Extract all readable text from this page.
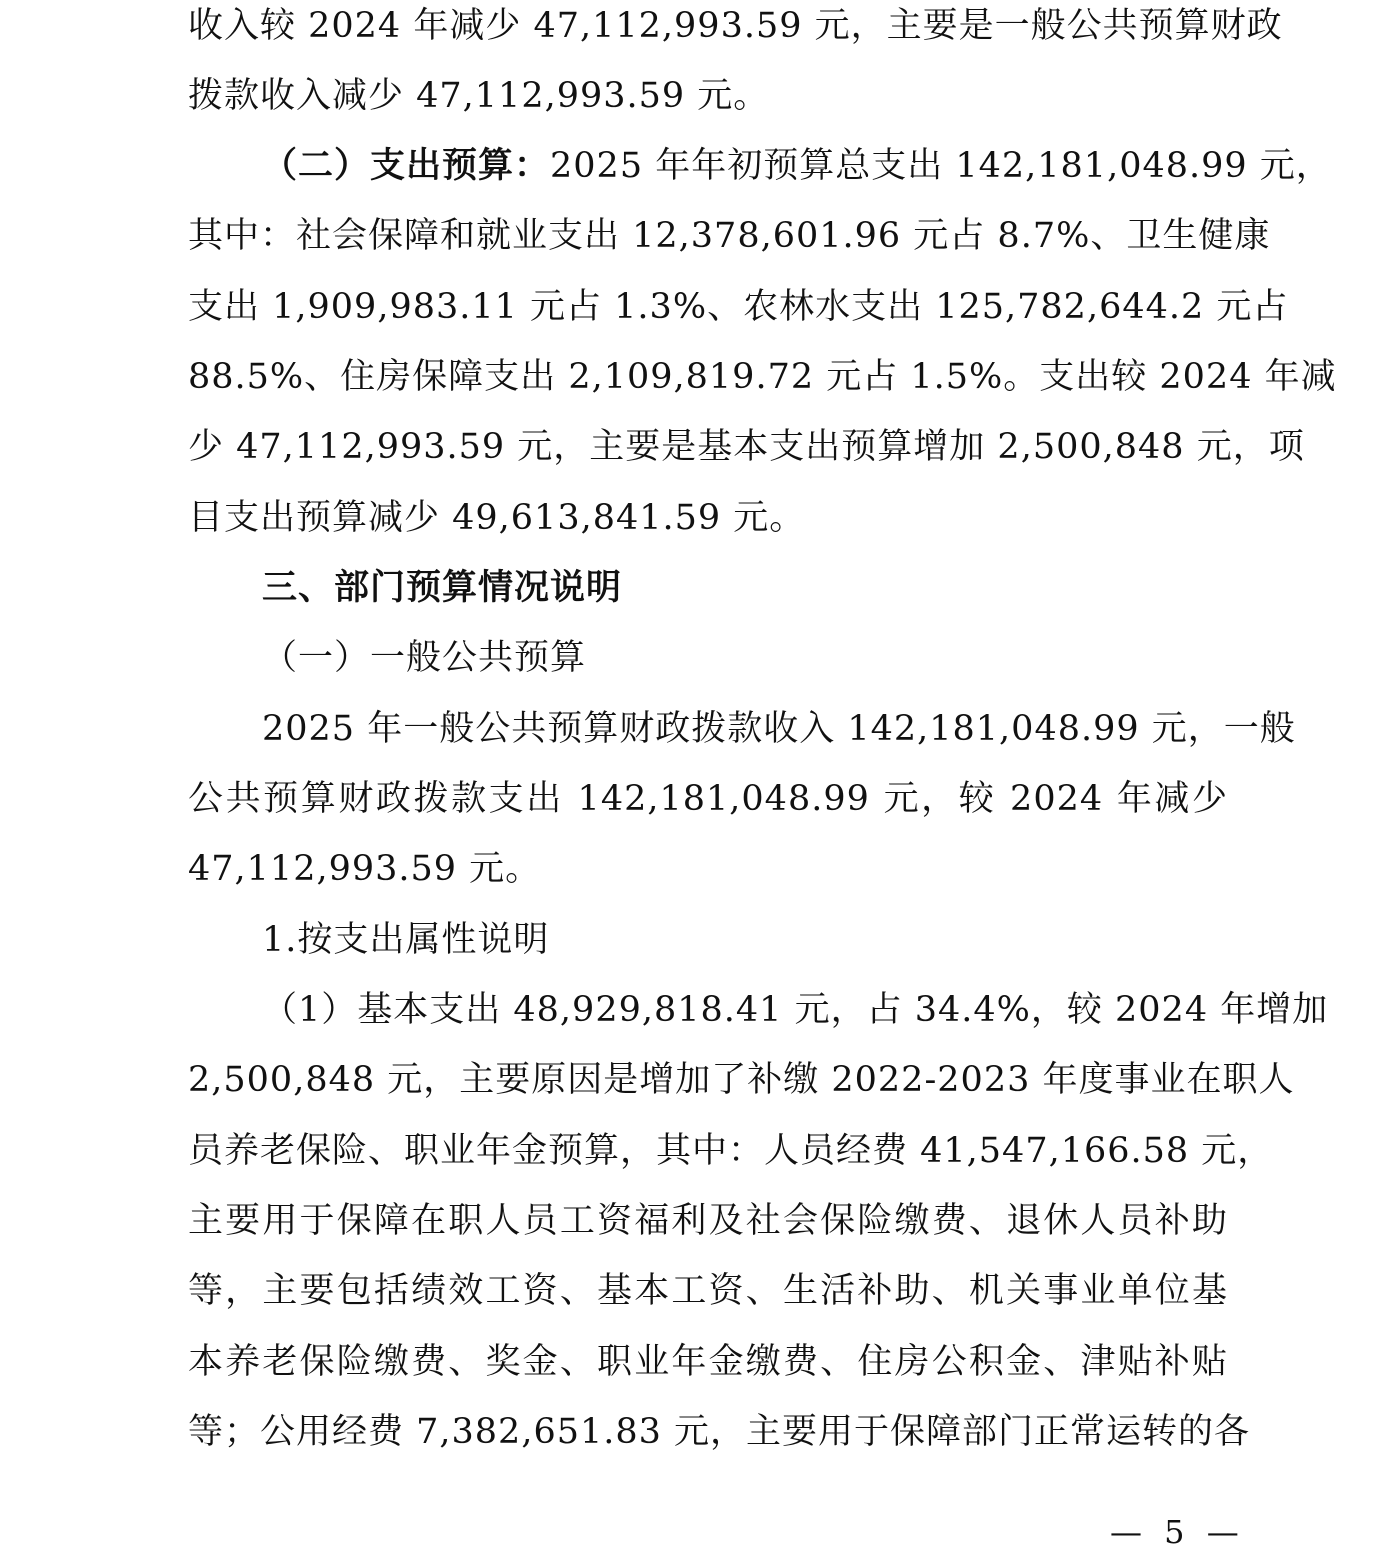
收入较 2024 年减少 47,112,993.59 元，主要是一般公共预算财政
拨款收入减少 47,112,993.59 元。
（二）支出预算：2025 年年初预算总支出 142,181,048.99 元，
其中：社会保障和就业支出 12,378,601.96 元占 8.7%、卫生健康
支出 1,909,983.11 元占 1.3%、农林水支出 125,782,644.2 元占
88.5%、住房保障支出 2,109,819.72 元占 1.5%。支出较 2024 年减
少 47,112,993.59 元，主要是基本支出预算增加 2,500,848 元，项
目支出预算减少 49,613,841.59 元。
三、部门预算情况说明
（一）一般公共预算
2025 年一般公共预算财政拨款收入 142,181,048.99 元，一般
公共预算财政拨款支出 142,181,048.99 元，较 2024 年减少
47,112,993.59 元。
1.按支出属性说明
（1）基本支出 48,929,818.41 元，占 34.4%，较 2024 年增加
2,500,848 元，主要原因是增加了补缴 2022-2023 年度事业在职人
员养老保险、职业年金预算，其中：人员经费 41,547,166.58 元，
主要用于保障在职人员工资福利及社会保险缴费、退休人员补助
等，主要包括绩效工资、基本工资、生活补助、机关事业单位基
本养老保险缴费、奖金、职业年金缴费、住房公积金、津贴补贴
等；公用经费 7,382,651.83 元，主要用于保障部门正常运转的各
— 5 —
